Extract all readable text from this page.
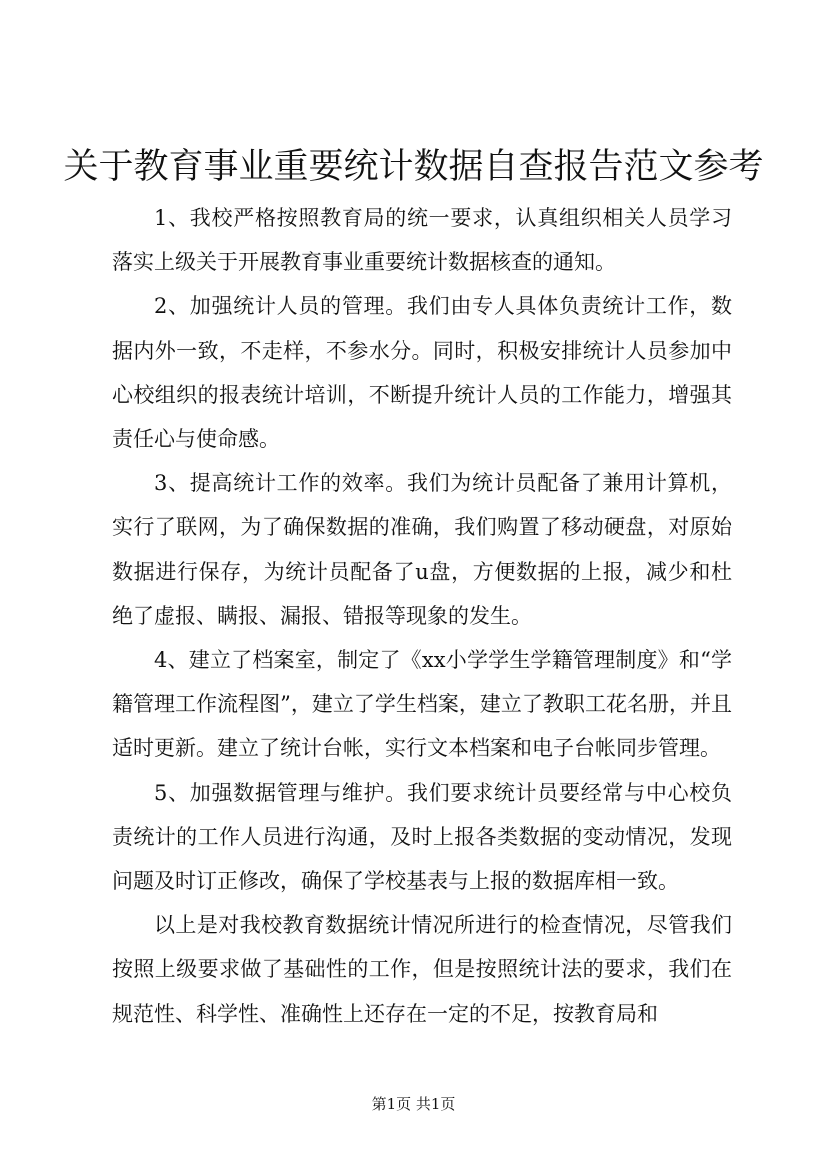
关于教育事业重要统计数据自查报告范文参考

1、我校严格按照教育局的统一要求，认真组织相关人员学习落实上级关于开展教育事业重要统计数据核查的通知。

2、加强统计人员的管理。我们由专人具体负责统计工作，数据内外一致，不走样，不参水分。同时，积极安排统计人员参加中心校组织的报表统计培训，不断提升统计人员的工作能力，增强其责任心与使命感。

3、提高统计工作的效率。我们为统计员配备了兼用计算机，实行了联网，为了确保数据的准确，我们购置了移动硬盘，对原始数据进行保存，为统计员配备了u盘，方便数据的上报，减少和杜绝了虚报、瞒报、漏报、错报等现象的发生。

4、建立了档案室，制定了《xx小学学生学籍管理制度》和“学籍管理工作流程图”，建立了学生档案，建立了教职工花名册，并且适时更新。建立了统计台帐，实行文本档案和电子台帐同步管理。

5、加强数据管理与维护。我们要求统计员要经常与中心校负责统计的工作人员进行沟通，及时上报各类数据的变动情况，发现问题及时订正修改，确保了学校基表与上报的数据库相一致。

以上是对我校教育数据统计情况所进行的检查情况，尽管我们按照上级要求做了基础性的工作，但是按照统计法的要求，我们在规范性、科学性、准确性上还存在一定的不足，按教育局和

第1页 共1页
